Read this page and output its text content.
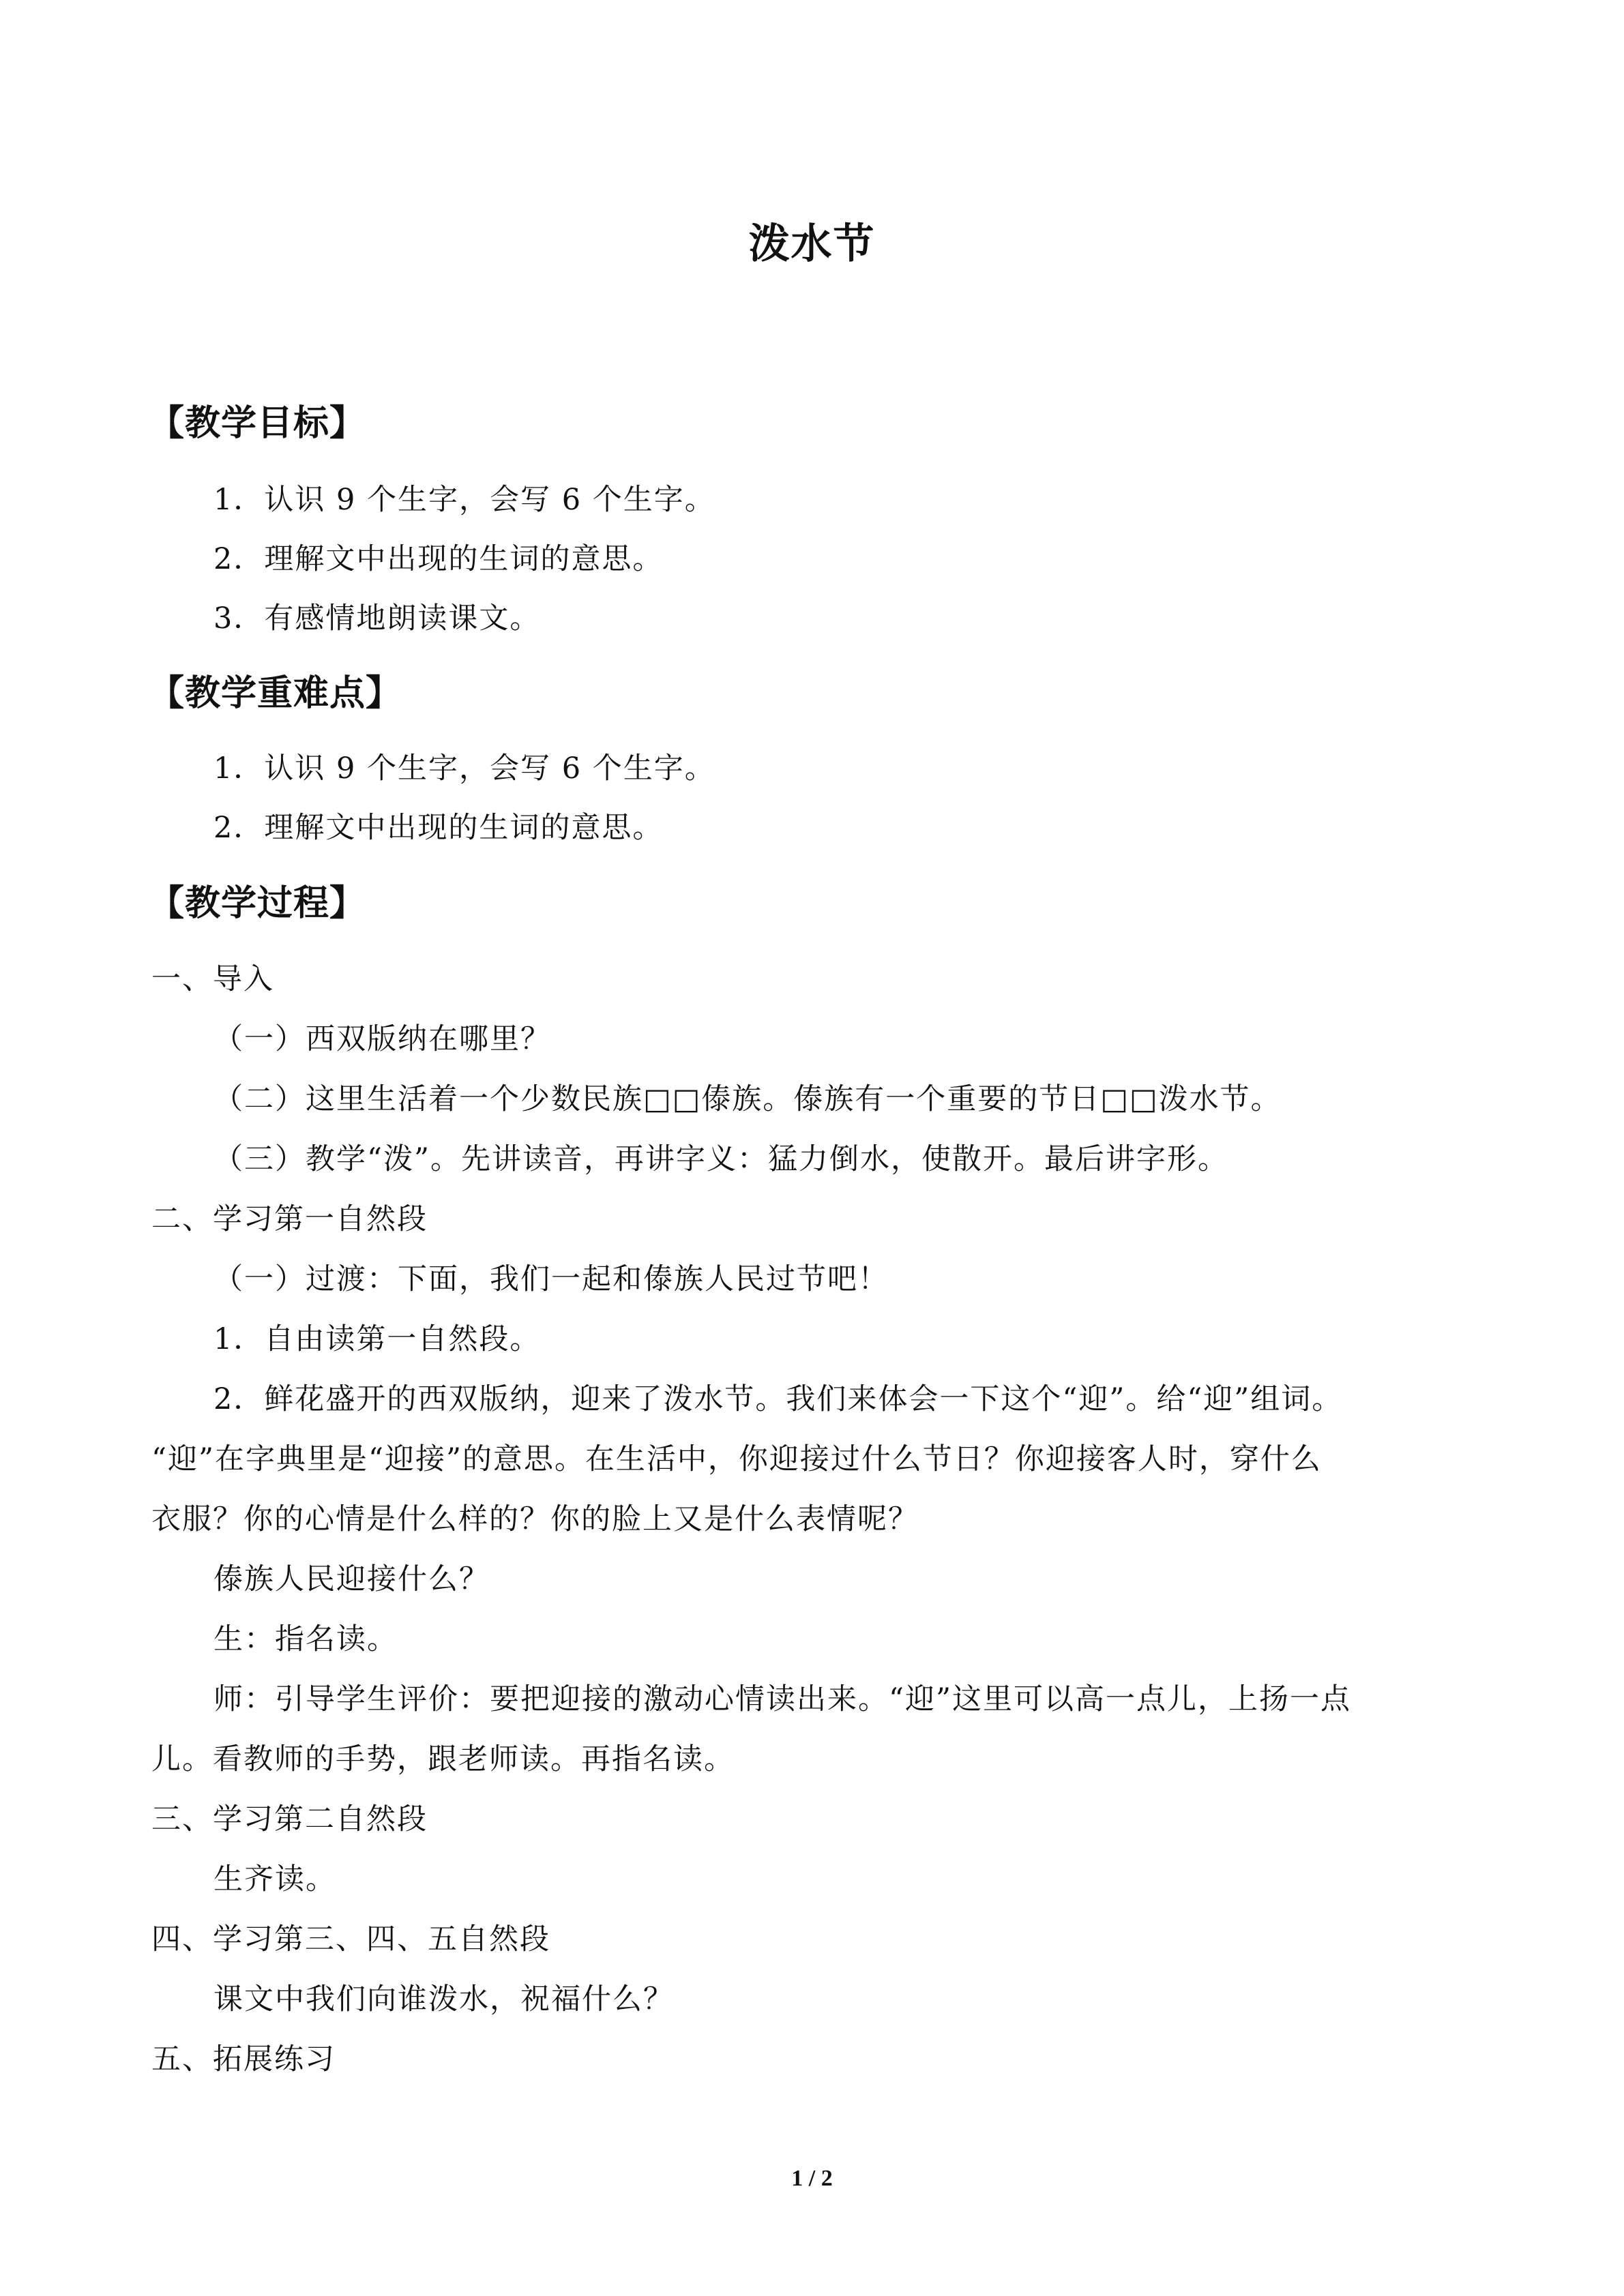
泼水节
【教学目标】
1．认识 9 个生字，会写 6 个生字。
2．理解文中出现的生词的意思。
3．有感情地朗读课文。
【教学重难点】
1．认识 9 个生字，会写 6 个生字。
2．理解文中出现的生词的意思。
【教学过程】
一、导入
（一）西双版纳在哪里？
（二）这里生活着一个少数民族□□傣族。傣族有一个重要的节日□□泼水节。
（三）教学“泼”。先讲读音，再讲字义：猛力倒水，使散开。最后讲字形。
二、学习第一自然段
（一）过渡：下面，我们一起和傣族人民过节吧！
1．自由读第一自然段。
2．鲜花盛开的西双版纳，迎来了泼水节。我们来体会一下这个“迎”。给“迎”组词。
“迎”在字典里是“迎接”的意思。在生活中，你迎接过什么节日？你迎接客人时，穿什么
衣服？你的心情是什么样的？你的脸上又是什么表情呢？
傣族人民迎接什么？
生：指名读。
师：引导学生评价：要把迎接的激动心情读出来。“迎”这里可以高一点儿，上扬一点
儿。看教师的手势，跟老师读。再指名读。
三、学习第二自然段
生齐读。
四、学习第三、四、五自然段
课文中我们向谁泼水，祝福什么？
五、拓展练习
1 / 2
